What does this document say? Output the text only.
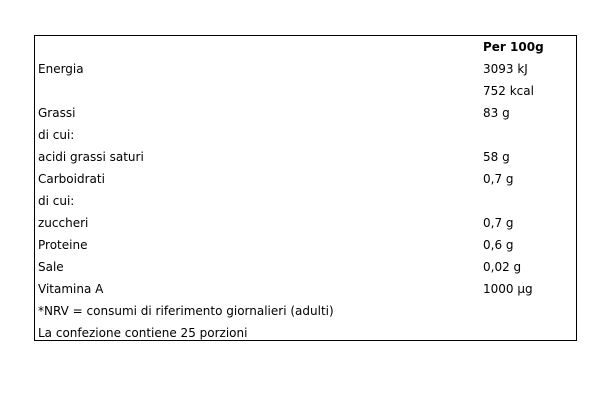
Per 100g
Energia	3093 kJ
752 kcal
Grassi	83 g
di cui:
acidi grassi saturi	58 g
Carboidrati	0,7 g
di cui:
zuccheri	0,7 g
Proteine	0,6 g
Sale	0,02 g
Vitamina A	1000 µg
*NRV = consumi di riferimento giornalieri (adulti)
La confezione contiene 25 porzioni
